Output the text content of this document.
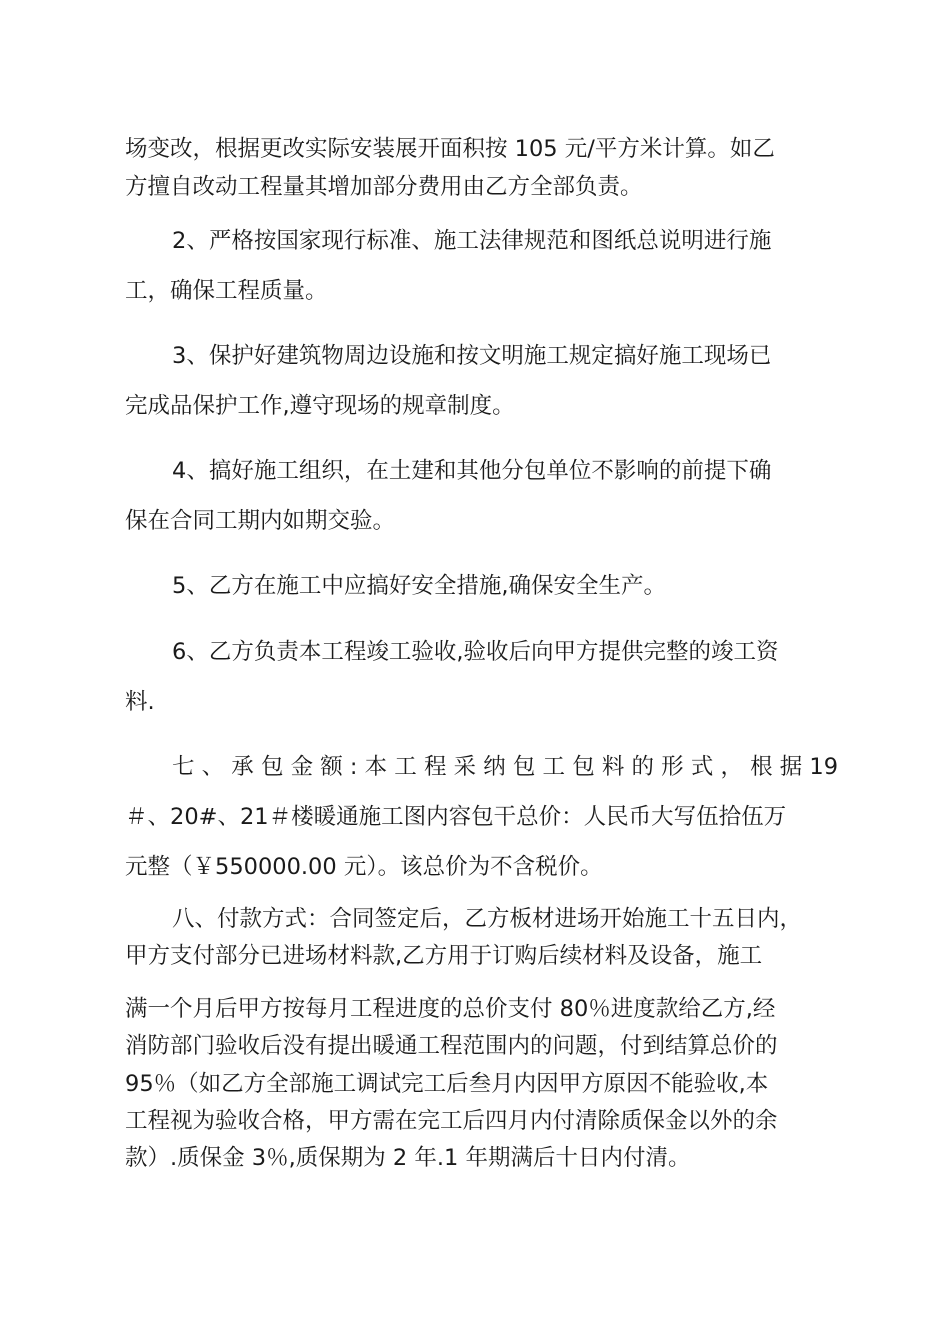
场变改，根据更改实际安装展开面积按 105 元/平方米计算。如乙
方擅自改动工程量其增加部分费用由乙方全部负责。
2、严格按国家现行标准、施工法律规范和图纸总说明进行施
工，确保工程质量。
3、保护好建筑物周边设施和按文明施工规定搞好施工现场已
完成品保护工作,遵守现场的规章制度。
4、搞好施工组织，在土建和其他分包单位不影响的前提下确
保在合同工期内如期交验。
5、乙方在施工中应搞好安全措施,确保安全生产。
6、乙方负责本工程竣工验收,验收后向甲方提供完整的竣工资
料.
七 、 承 包 金 额 : 本 工 程 采 纳 包 工 包 料 的 形 式 ， 根 据 19
＃、20#、21＃楼暖通施工图内容包干总价：人民币大写伍拾伍万
元整（￥550000.00 元）。该总价为不含税价。
八、付款方式：合同签定后，乙方板材进场开始施工十五日内，
甲方支付部分已进场材料款,乙方用于订购后续材料及设备，施工
满一个月后甲方按每月工程进度的总价支付 80％进度款给乙方,经
消防部门验收后没有提出暖通工程范围内的问题，付到结算总价的
95％（如乙方全部施工调试完工后叁月内因甲方原因不能验收,本
工程视为验收合格，甲方需在完工后四月内付清除质保金以外的余
款）.质保金 3％,质保期为 2 年.1 年期满后十日内付清。
